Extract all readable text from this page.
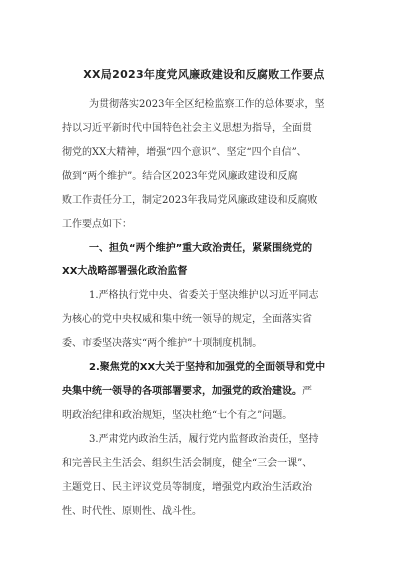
XX局2023年度党风廉政建设和反腐败工作要点
为贯彻落实2023年全区纪检监察工作的总体要求，坚
持以习近平新时代中国特色社会主义思想为指导，全面贯
彻党的XX大精神，增强“四个意识”、坚定“四个自信”、
做到“两个维护”。结合区2023年党风廉政建设和反腐
败工作责任分工，制定2023年我局党风廉政建设和反腐败
工作要点如下：
一、担负“两个维护”重大政治责任，紧紧围绕党的
XX大战略部署强化政治监督
1.严格执行党中央、省委关于坚决维护以习近平同志
为核心的党中央权威和集中统一领导的规定，全面落实省
委、市委坚决落实“两个维护”十项制度机制。
2.聚焦党的XX大关于坚持和加强党的全面领导和党中
央集中统一领导的各项部署要求，加强党的政治建设。严
明政治纪律和政治规矩，坚决杜绝“七个有之”问题。
3.严肃党内政治生活，履行党内监督政治责任，坚持
和完善民主生活会、组织生活会制度，健全“三会一课”、
主题党日、民主评议党员等制度，增强党内政治生活政治
性、时代性、原则性、战斗性。
